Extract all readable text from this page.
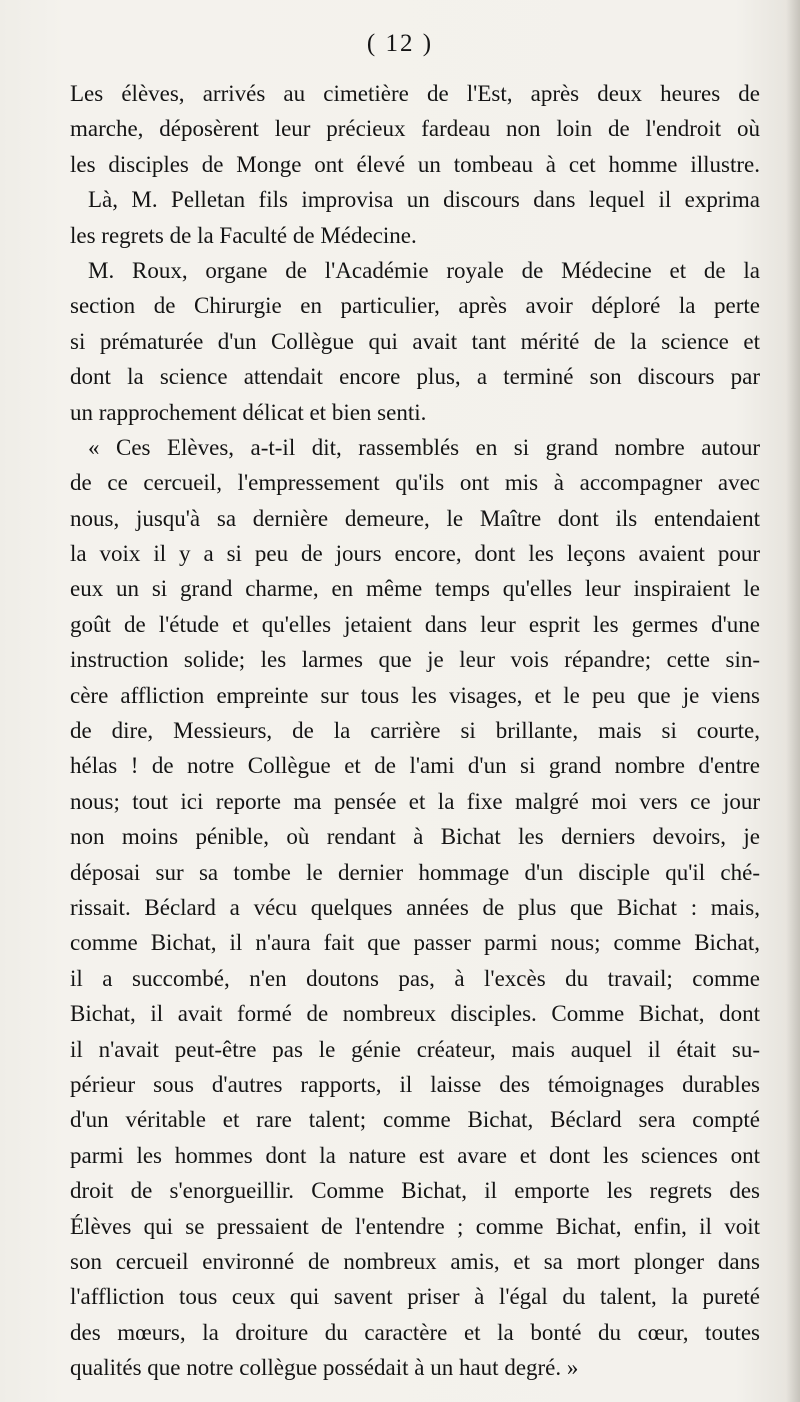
( 12 )
Les élèves, arrivés au cimetière de l'Est, après deux heures de
marche, déposèrent leur précieux fardeau non loin de l'endroit où
les disciples de Monge ont élevé un tombeau à cet homme illustre.
Là, M. Pelletan fils improvisa un discours dans lequel il exprima
les regrets de la Faculté de Médecine.
M. Roux, organe de l'Académie royale de Médecine et de la
section de Chirurgie en particulier, après avoir déploré la perte
si prématurée d'un Collègue qui avait tant mérité de la science et
dont la science attendait encore plus, a terminé son discours par
un rapprochement délicat et bien senti.
« Ces Elèves, a-t-il dit, rassemblés en si grand nombre autour
de ce cercueil, l'empressement qu'ils ont mis à accompagner avec
nous, jusqu'à sa dernière demeure, le Maître dont ils entendaient
la voix il y a si peu de jours encore, dont les leçons avaient pour
eux un si grand charme, en même temps qu'elles leur inspiraient le
goût de l'étude et qu'elles jetaient dans leur esprit les germes d'une
instruction solide; les larmes que je leur vois répandre; cette sin-
cère affliction empreinte sur tous les visages, et le peu que je viens
de dire, Messieurs, de la carrière si brillante, mais si courte,
hélas ! de notre Collègue et de l'ami d'un si grand nombre d'entre
nous; tout ici reporte ma pensée et la fixe malgré moi vers ce jour
non moins pénible, où rendant à Bichat les derniers devoirs, je
déposai sur sa tombe le dernier hommage d'un disciple qu'il ché-
rissait. Béclard a vécu quelques années de plus que Bichat : mais,
comme Bichat, il n'aura fait que passer parmi nous; comme Bichat,
il a succombé, n'en doutons pas, à l'excès du travail; comme
Bichat, il avait formé de nombreux disciples. Comme Bichat, dont
il n'avait peut-être pas le génie créateur, mais auquel il était su-
périeur sous d'autres rapports, il laisse des témoignages durables
d'un véritable et rare talent; comme Bichat, Béclard sera compté
parmi les hommes dont la nature est avare et dont les sciences ont
droit de s'enorgueillir. Comme Bichat, il emporte les regrets des
Élèves qui se pressaient de l'entendre ; comme Bichat, enfin, il voit
son cercueil environné de nombreux amis, et sa mort plonger dans
l'affliction tous ceux qui savent priser à l'égal du talent, la pureté
des mœurs, la droiture du caractère et la bonté du cœur, toutes
qualités que notre collègue possédait à un haut degré. »
